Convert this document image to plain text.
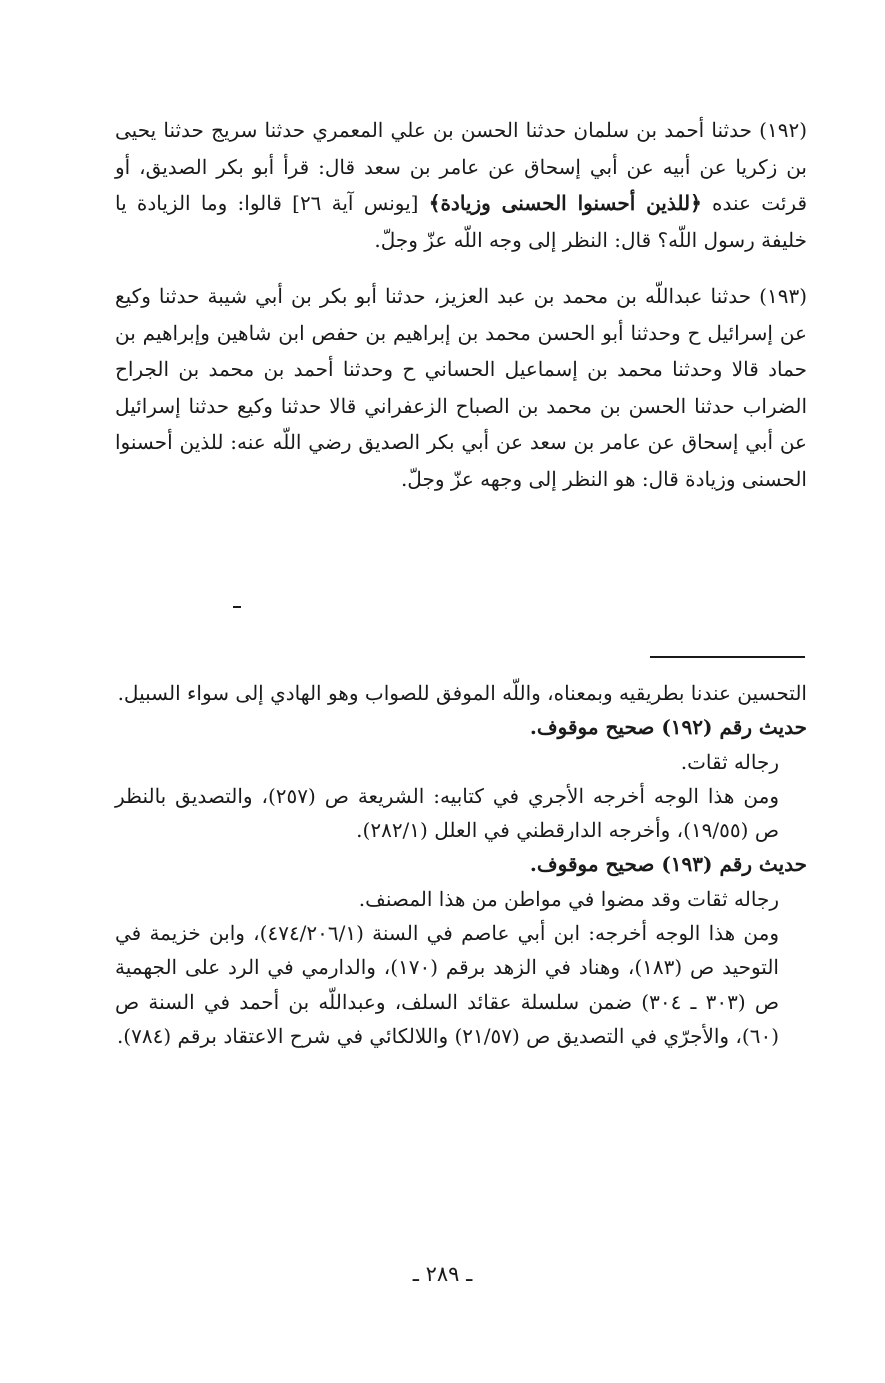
(١٩٢) حدثنا أحمد بن سلمان حدثنا الحسن بن علي المعمري حدثنا سريج حدثنا يحيى بن زكريا عن أبيه عن أبي إسحاق عن عامر بن سعد قال: قرأ أبو بكر الصديق، أو قرئت عنده ﴿للذين أحسنوا الحسنى وزيادة﴾ [يونس آية ٢٦] قالوا: وما الزيادة يا خليفة رسول اللّه؟ قال: النظر إلى وجه اللّه عزّ وجلّ.

(١٩٣) حدثنا عبداللّه بن محمد بن عبد العزيز، حدثنا أبو بكر بن أبي شيبة حدثنا وكيع عن إسرائيل ح وحدثنا أبو الحسن محمد بن إبراهيم بن حفص ابن شاهين وإبراهيم بن حماد قالا وحدثنا محمد بن إسماعيل الحساني ح وحدثنا أحمد بن محمد بن الجراح الضراب حدثنا الحسن بن محمد بن الصباح الزعفراني قالا حدثنا وكيع حدثنا إسرائيل عن أبي إسحاق عن عامر بن سعد عن أبي بكر الصديق رضي اللّه عنه: للذين أحسنوا الحسنى وزيادة قال: هو النظر إلى وجهه عزّ وجلّ.

التحسين عندنا بطريقيه وبمعناه، واللّه الموفق للصواب وهو الهادي إلى سواء السبيل.

حديث رقم (١٩٢) صحيح موقوف.

رجاله ثقات.

ومن هذا الوجه أخرجه الأجري في كتابيه: الشريعة ص (٢٥٧)، والتصديق بالنظر ص (١٩/٥٥)، وأخرجه الدارقطني في العلل (٢٨٢/١).

حديث رقم (١٩٣) صحيح موقوف.

رجاله ثقات وقد مضوا في مواطن من هذا المصنف.

ومن هذا الوجه أخرجه: ابن أبي عاصم في السنة (٤٧٤/٢٠٦/١)، وابن خزيمة في التوحيد ص (١٨٣)، وهناد في الزهد برقم (١٧٠)، والدارمي في الرد على الجهمية ص (٣٠٣ ـ ٣٠٤) ضمن سلسلة عقائد السلف، وعبداللّه بن أحمد في السنة ص (٦٠)، والأجرّي في التصديق ص (٢١/٥٧) واللالكائي في شرح الاعتقاد برقم (٧٨٤).

ـ ٢٨٩ ـ
